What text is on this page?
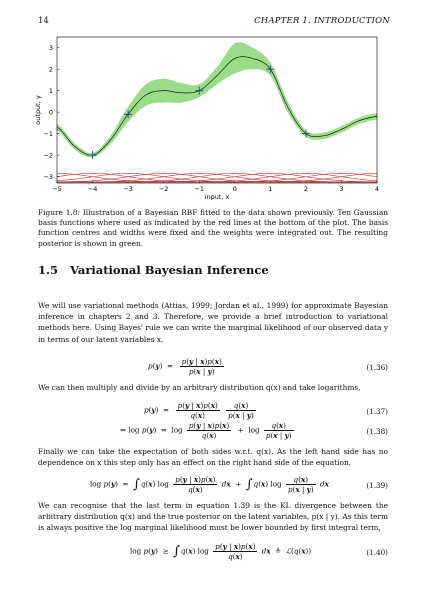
14	CHAPTER 1. INTRODUCTION
−5	−4	−3	−2	−1	0	1	2	3	4
−3
−2
−1
0
1
2
3
input, x
output, y
Figure 1.8: Illustration of a Bayesian RBF fitted to the data shown previously. Ten Gaussian basis functions where used as indicated by the red lines at the bottom of the plot. The basis function centres and widths were fixed and the weights were integrated out. The resulting posterior is shown in green.
1.5 Variational Bayesian Inference
We will use variational methods (Attias, 1999; Jordan et al., 1999) for approximate Bayesian inference in chapters 2 and 3. Therefore, we provide a brief introduction to variational methods here. Using Bayes' rule we can write the marginal likelihood of our observed data y in terms of our latent variables x,
$p(y) = \frac{p(y | x)p(x)}{p(x | y)}$	(1.36)
We can then multiply and divide by an arbitrary distribution q(x) and take logarithms,
$p(y) = \frac{p(y | x)p(x)}{q(x)}$
$\frac{q(x)}{p(x | y)}$	(1.37)
⇒ $\log p(y) = \log \frac{p(y | x)p(x)}{q(x)} + \log \frac{q(x)}{p(x | y)}$	(1.38)
Finally we can take the expectation of both sides w.r.t. q(x). As the left hand side has no dependence on x this step only has an effect on the right hand side of the equation,
log p(y)  =  ∫q(x) $\log \frac{p(y | x)p(x)}{q(x)}$ dx  +  ∫q(x) $\log \frac{q(x)}{p(x | y)}$ dx	(1.39)
We can recognise that the last term in equation 1.39 is the KL divergence between the arbitrary distribution q(x) and the true posterior on the latent variables, p(x | y). As this term is always positive the log marginal likelihood must be lower bounded by first integral term,
log p(y)  ≥  ∫q(x) $\log \frac{p(y | x)p(x)}{q(x)}$ dx  ≜  ℒ(q(x))	(1.40)
